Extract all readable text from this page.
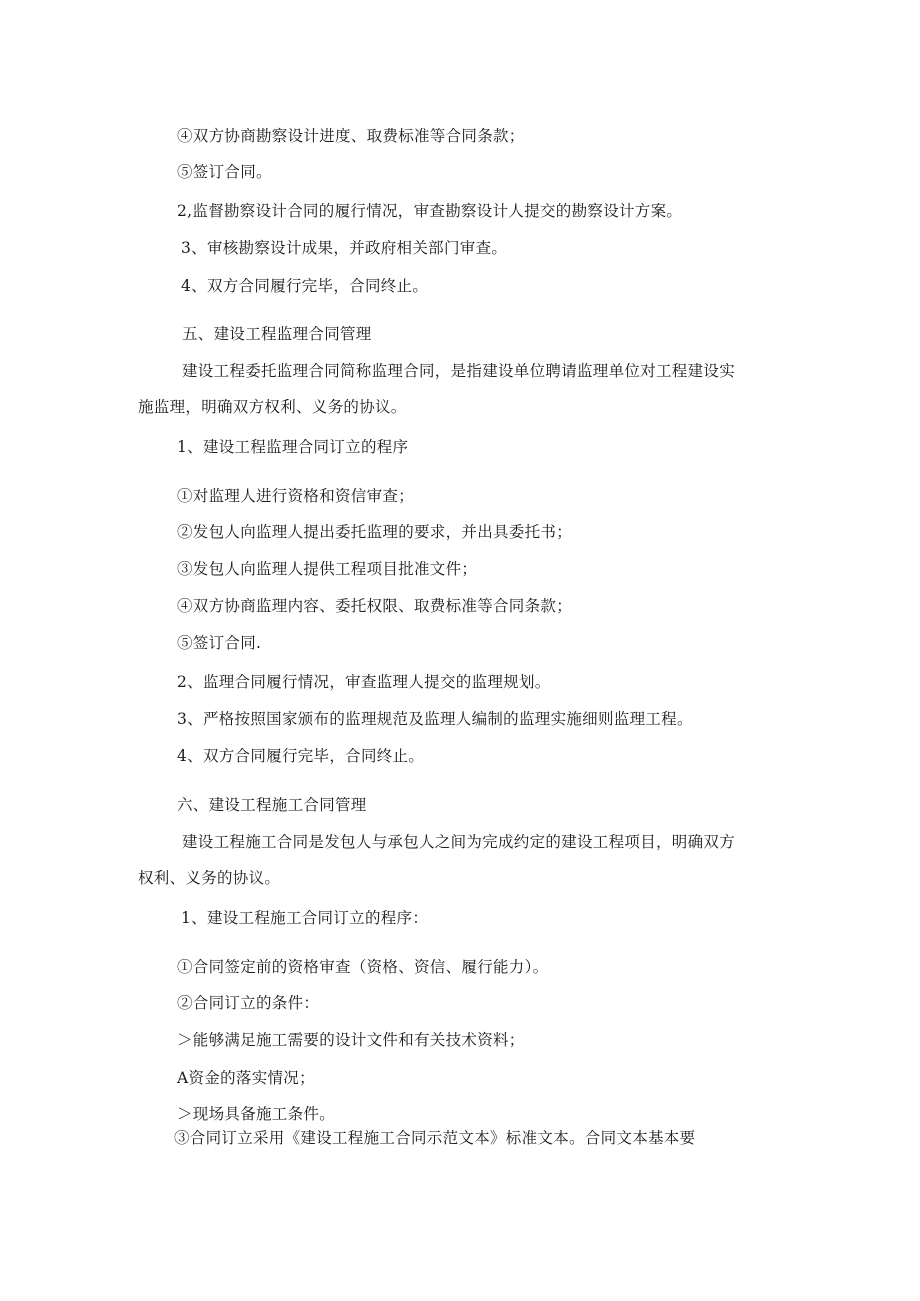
④双方协商勘察设计进度、取费标准等合同条款；
⑤签订合同。
2,监督勘察设计合同的履行情况，审查勘察设计人提交的勘察设计方案。
3、审核勘察设计成果，并政府相关部门审查。
4、双方合同履行完毕，合同终止。
五、建设工程监理合同管理
建设工程委托监理合同简称监理合同，是指建设单位聘请监理单位对工程建设实
施监理，明确双方权利、义务的协议。
1、建设工程监理合同订立的程序
①对监理人进行资格和资信审查；
②发包人向监理人提出委托监理的要求，并出具委托书；
③发包人向监理人提供工程项目批准文件；
④双方协商监理内容、委托权限、取费标准等合同条款；
⑤签订合同.
2、监理合同履行情况，审查监理人提交的监理规划。
3、严格按照国家颁布的监理规范及监理人编制的监理实施细则监理工程。
4、双方合同履行完毕，合同终止。
六、建设工程施工合同管理
建设工程施工合同是发包人与承包人之间为完成约定的建设工程项目，明确双方
权利、义务的协议。
1、建设工程施工合同订立的程序：
①合同签定前的资格审查（资格、资信、履行能力）。
②合同订立的条件：
＞能够满足施工需要的设计文件和有关技术资料；
A资金的落实情况；
＞现场具备施工条件。
③合同订立采用《建设工程施工合同示范文本》标准文本。合同文本基本要
